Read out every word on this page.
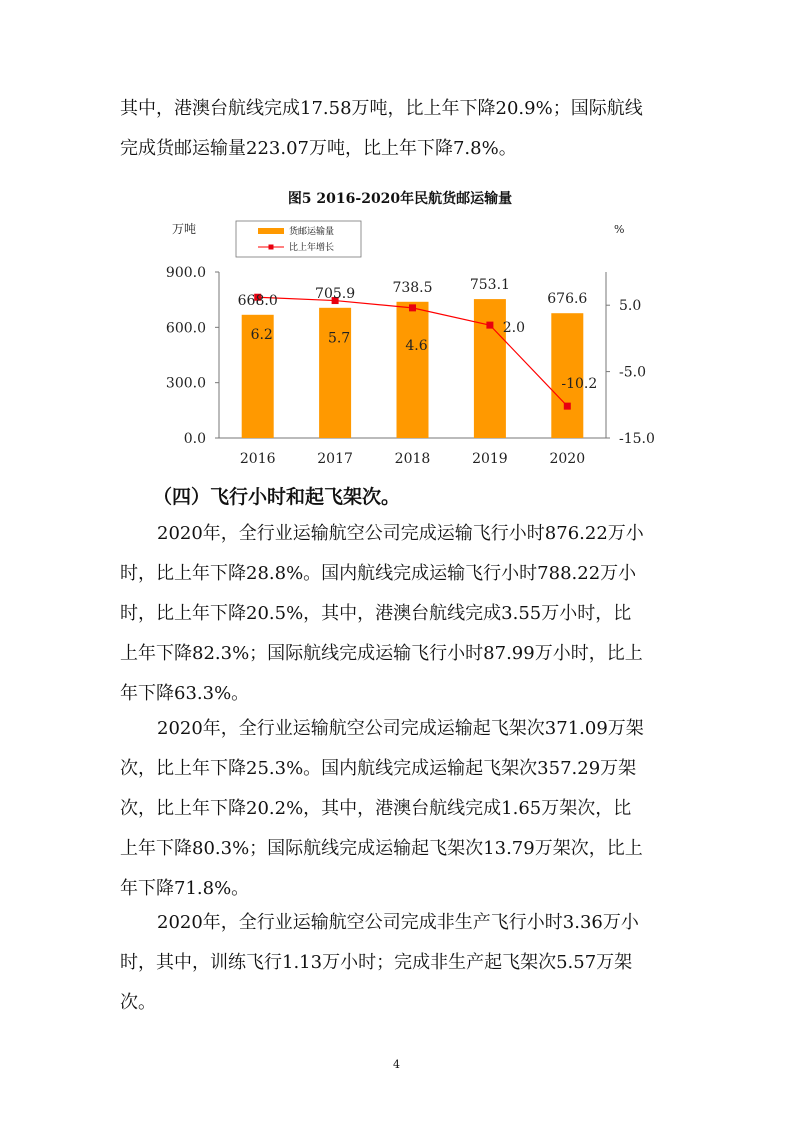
其中，港澳台航线完成17.58万吨，比上年下降20.9%；国际航线
完成货邮运输量223.07万吨，比上年下降7.8%。
图5 2016-2020年民航货邮运输量
万吨	%
货邮运输量
比上年增长
900.0
600.0
300.0
0.0
5.0
-5.0
-15.0
2016	2017	2018	2019	2020
668.0	705.9	738.5	753.1
676.6
6.2	5.7	4.6
2.0
-10.2
（四）飞行小时和起飞架次。
2020年，全行业运输航空公司完成运输飞行小时876.22万小
时，比上年下降28.8%。国内航线完成运输飞行小时788.22万小
时，比上年下降20.5%，其中，港澳台航线完成3.55万小时，比
上年下降82.3%；国际航线完成运输飞行小时87.99万小时，比上
年下降63.3%。
2020年，全行业运输航空公司完成运输起飞架次371.09万架
次，比上年下降25.3%。国内航线完成运输起飞架次357.29万架
次，比上年下降20.2%，其中，港澳台航线完成1.65万架次，比
上年下降80.3%；国际航线完成运输起飞架次13.79万架次，比上
年下降71.8%。
2020年，全行业运输航空公司完成非生产飞行小时3.36万小
时，其中，训练飞行1.13万小时；完成非生产起飞架次5.57万架
次。
4
